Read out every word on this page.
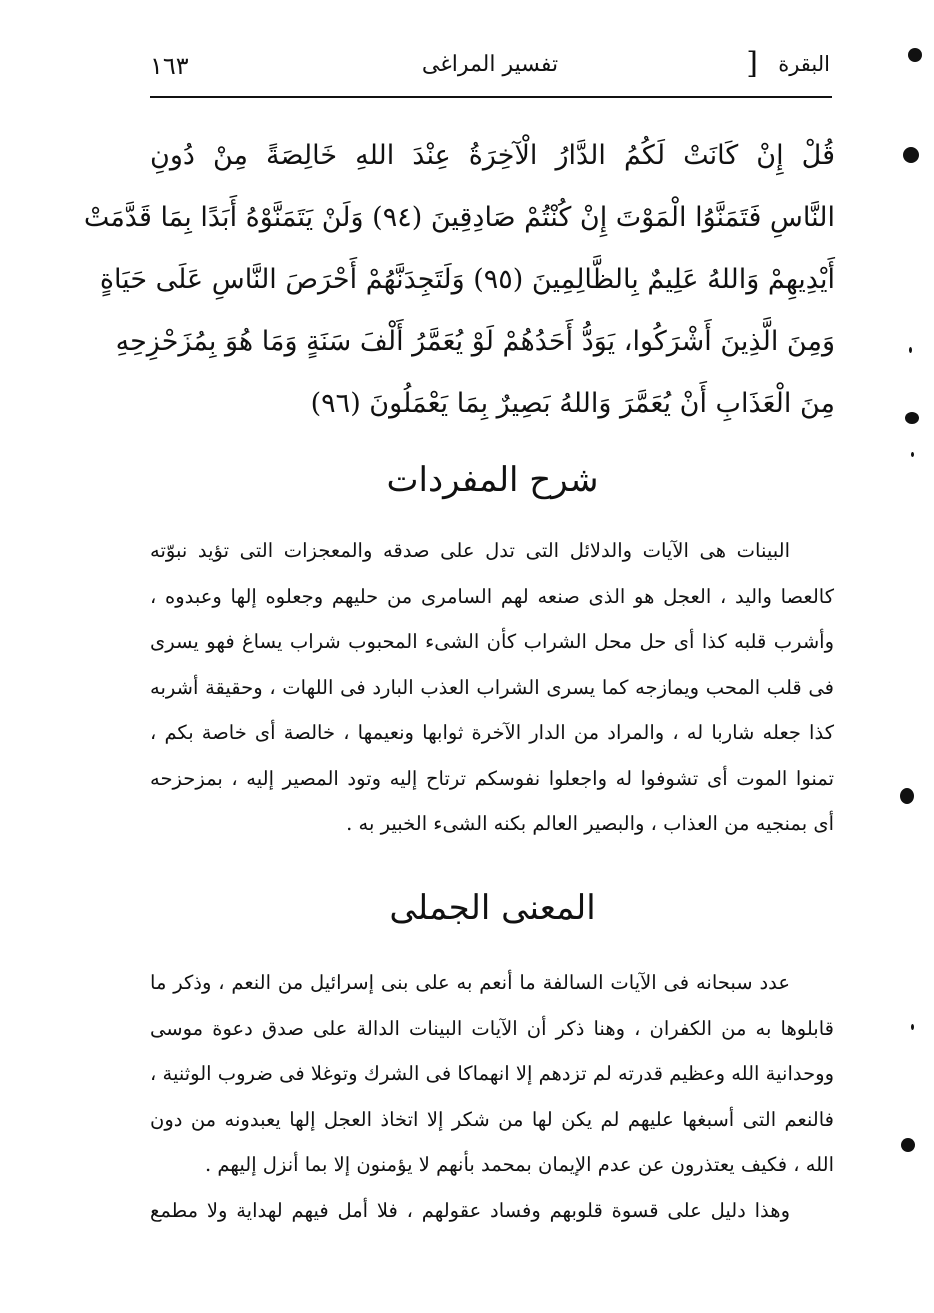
١٦٣	تفسير المراغى	] البقرة
قُلْ إِنْ كَانَتْ لَكُمُ الدَّارُ الْآخِرَةُ عِنْدَ اللهِ خَالِصَةً مِنْ دُونِ
النَّاسِ فَتَمَنَّوُا الْمَوْتَ إِنْ كُنْتُمْ صَادِقِينَ (٩٤) وَلَنْ يَتَمَنَّوْهُ أَبَدًا بِمَا قَدَّمَتْ
أَيْدِيهِمْ وَاللهُ عَلِيمٌ بِالظَّالِمِينَ (٩٥) وَلَتَجِدَنَّهُمْ أَحْرَصَ النَّاسِ عَلَى حَيَاةٍ
وَمِنَ الَّذِينَ أَشْرَكُوا، يَوَدُّ أَحَدُهُمْ لَوْ يُعَمَّرُ أَلْفَ سَنَةٍ وَمَا هُوَ بِمُزَحْزِحِهِ
مِنَ الْعَذَابِ أَنْ يُعَمَّرَ وَاللهُ بَصِيرٌ بِمَا يَعْمَلُونَ (٩٦)
شرح المفردات
البينات هى الآيات والدلائل التى تدل على صدقه والمعجزات التى تؤيد نبوّته
كالعصا واليد ، العجل هو الذى صنعه لهم السامرى من حليهم وجعلوه إلها وعبدوه ،
وأشرب قلبه كذا أى حل محل الشراب كأن الشىء المحبوب شراب يساغ فهو يسرى
فى قلب المحب ويمازجه كما يسرى الشراب العذب البارد فى اللهات ، وحقيقة أشربه
كذا جعله شاربا له ، والمراد من الدار الآخرة ثوابها ونعيمها ، خالصة أى خاصة بكم ،
تمنوا الموت أى تشوفوا له واجعلوا نفوسكم ترتاح إليه وتود المصير إليه ، بمزحزحه
أى بمنجيه من العذاب ، والبصير العالم بكنه الشىء الخبير به .
المعنى الجملى
عدد سبحانه فى الآيات السالفة ما أنعم به على بنى إسرائيل من النعم ، وذكر ما
قابلوها به من الكفران ، وهنا ذكر أن الآيات البينات الدالة على صدق دعوة موسى
ووحدانية الله وعظيم قدرته لم تزدهم إلا انهماكا فى الشرك وتوغلا فى ضروب الوثنية ،
فالنعم التى أسبغها عليهم لم يكن لها من شكر إلا اتخاذ العجل إلها يعبدونه من دون
الله ، فكيف يعتذرون عن عدم الإيمان بمحمد بأنهم لا يؤمنون إلا بما أنزل إليهم .
وهذا دليل على قسوة قلوبهم وفساد عقولهم ، فلا أمل فيهم لهداية ولا مطمع
